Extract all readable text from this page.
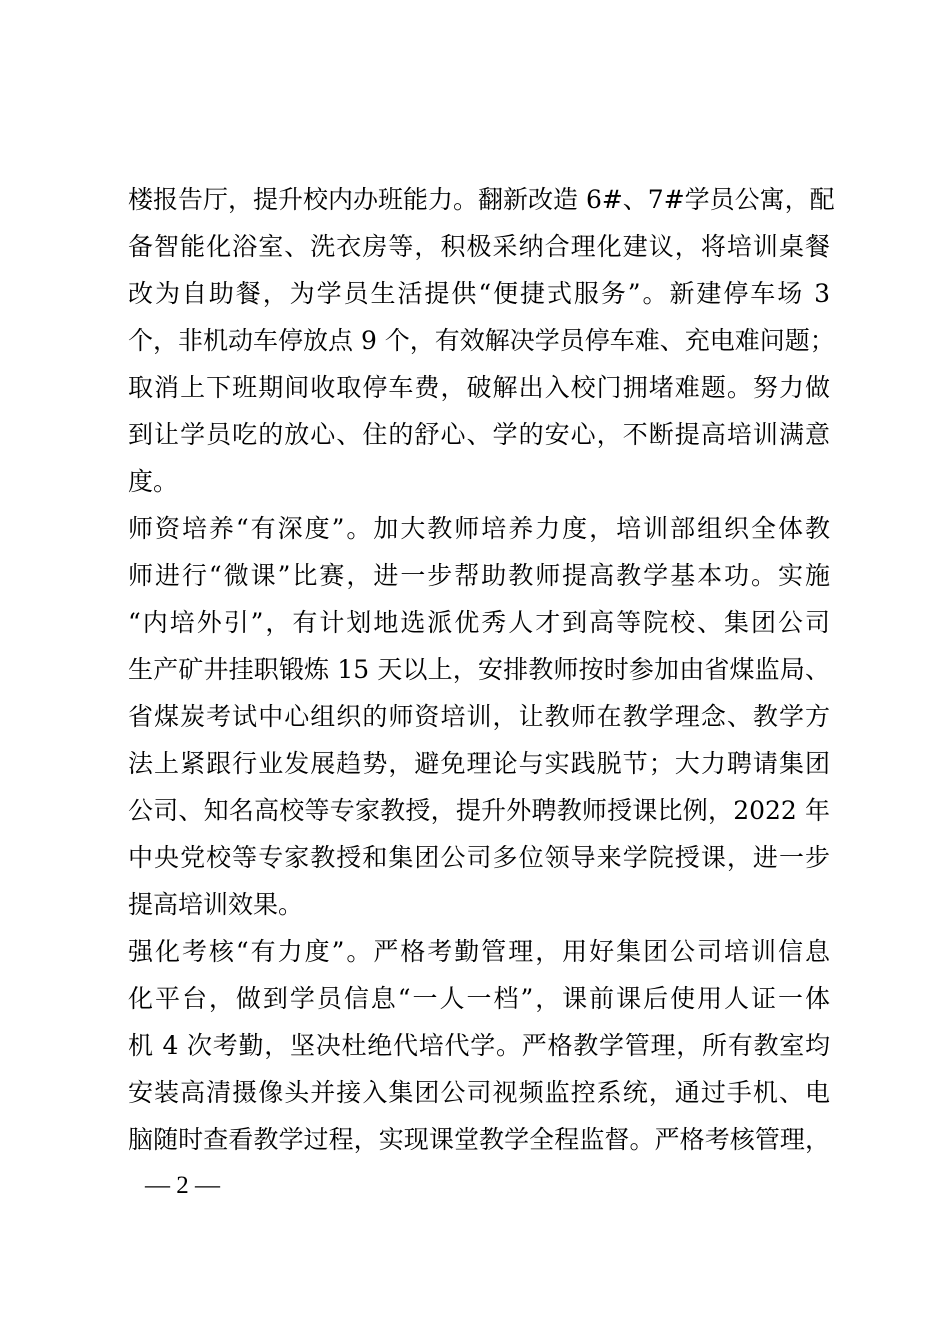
楼报告厅，提升校内办班能力。翻新改造 6#、7#学员公寓，配
备智能化浴室、洗衣房等，积极采纳合理化建议，将培训桌餐
改为自助餐，为学员生活提供“便捷式服务”。新建停车场 3
个，非机动车停放点 9 个，有效解决学员停车难、充电难问题；
取消上下班期间收取停车费，破解出入校门拥堵难题。努力做
到让学员吃的放心、住的舒心、学的安心，不断提高培训满意
度。
师资培养“有深度”。加大教师培养力度，培训部组织全体教
师进行“微课”比赛，进一步帮助教师提高教学基本功。实施
“内培外引”，有计划地选派优秀人才到高等院校、集团公司
生产矿井挂职锻炼 15 天以上，安排教师按时参加由省煤监局、
省煤炭考试中心组织的师资培训，让教师在教学理念、教学方
法上紧跟行业发展趋势，避免理论与实践脱节；大力聘请集团
公司、知名高校等专家教授，提升外聘教师授课比例，2022 年
中央党校等专家教授和集团公司多位领导来学院授课，进一步
提高培训效果。
强化考核“有力度”。严格考勤管理，用好集团公司培训信息
化平台，做到学员信息“一人一档”，课前课后使用人证一体
机 4 次考勤，坚决杜绝代培代学。严格教学管理，所有教室均
安装高清摄像头并接入集团公司视频监控系统，通过手机、电
脑随时查看教学过程，实现课堂教学全程监督。严格考核管理，
— 2 —
